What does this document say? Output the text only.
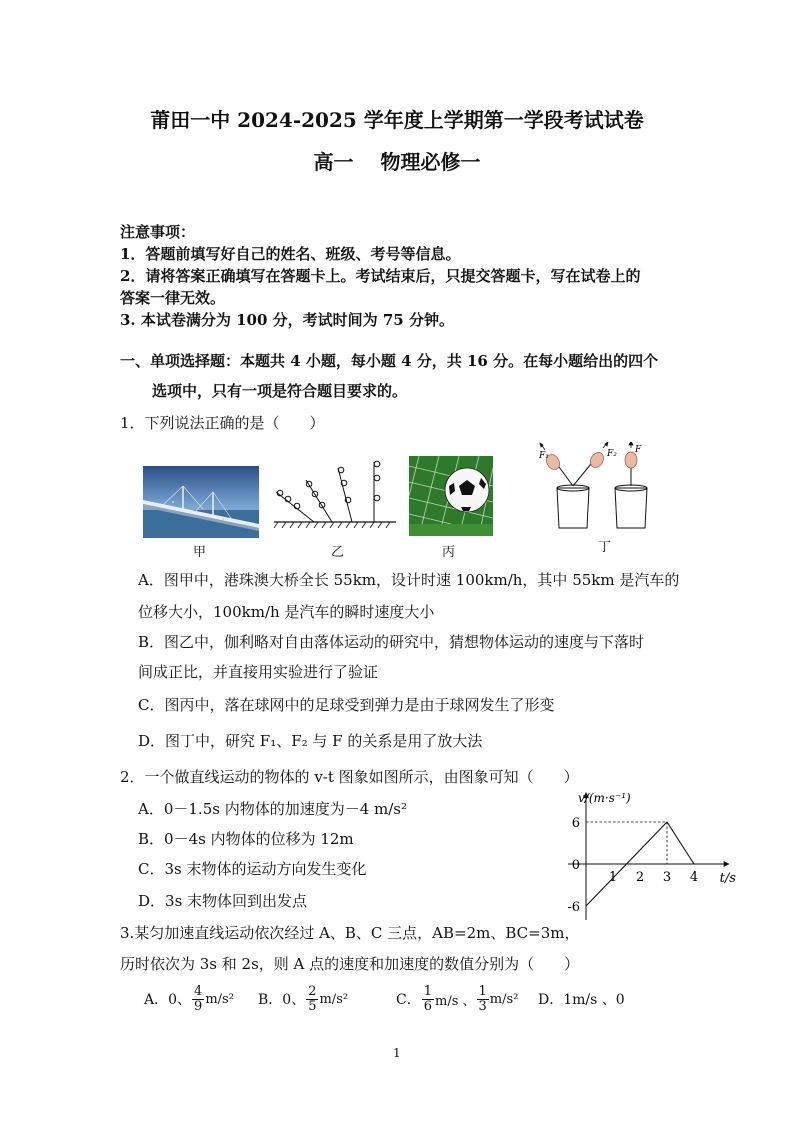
莆田一中 2024-2025 学年度上学期第一学段考试试卷
高一　 物理必修一
注意事项：
1．答题前填写好自己的姓名、班级、考号等信息。
2．请将答案正确填写在答题卡上。考试结束后，只提交答题卡，写在试卷上的
答案一律无效。
3. 本试卷满分为 100 分，考试时间为 75 分钟。
一、单项选择题：本题共 4 小题，每小题 4 分，共 16 分。在每小题给出的四个
选项中，只有一项是符合题目要求的。
1．下列说法正确的是（　　）
甲	乙	丙
F₁	F₂ F
丁
A．图甲中，港珠澳大桥全长 55km，设计时速 100km/h，其中 55km 是汽车的
位移大小，100km/h 是汽车的瞬时速度大小
B．图乙中，伽利略对自由落体运动的研究中，猜想物体运动的速度与下落时
间成正比，并直接用实验进行了验证
C．图丙中，落在球网中的足球受到弹力是由于球网发生了形变
D．图丁中，研究 F₁、F₂ 与 F 的关系是用了放大法
2．一个做直线运动的物体的 v-t 图象如图所示，由图象可知（　　）
A．0－1.5s 内物体的加速度为－4 m/s²
B．0－4s 内物体的位移为 12m
C．3s 末物体的运动方向发生变化
D．3s 末物体回到出发点
1 2 3 4
6
-6
0
v/(m·s⁻¹)
t/s
3.某匀加速直线运动依次经过 A、B、C 三点，AB=2m、BC=3m，
历时依次为 3s 和 2s，则 A 点的速度和加速度的数值分别为（　　）
A．0、 $\frac{4}{9} m/s^2$ B．0、 $\frac{2}{5} m/s^2$	C． $\frac{1}{6} m/s$ 、 $\frac{1}{3} m/s^2$ D．1m/s 、0
1
